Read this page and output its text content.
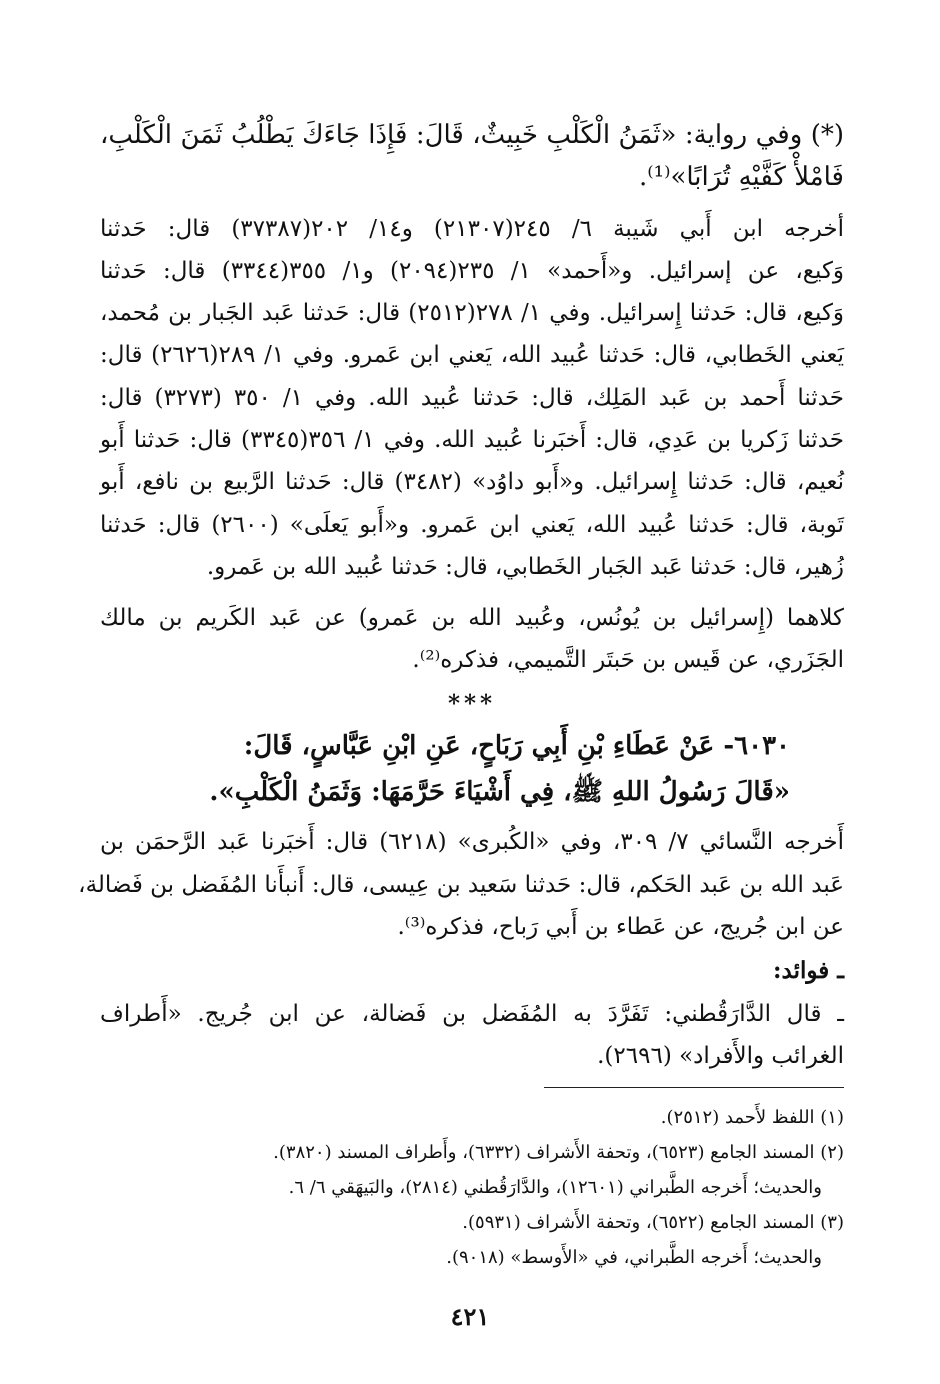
(*) وفي رواية: «ثَمَنُ الْكَلْبِ خَبِيثٌ، قَالَ: فَإِذَا جَاءَكَ يَطْلُبُ ثَمَنَ الْكَلْبِ،
فَامْلأْ كَفَّيْهِ تُرَابًا»⁽¹⁾.
أخرجه ابن أَبي شَيبة ٦/ ٢٤٥(٢١٣٠٧) و١٤/ ٢٠٢(٣٧٣٨٧) قال: حَدثنا
وَكيع، عن إسرائيل. و«أَحمد» ١/ ٢٣٥(٢٠٩٤) و١/ ٣٥٥(٣٣٤٤) قال: حَدثنا
وَكيع، قال: حَدثنا إِسرائيل. وفي ١/ ٢٧٨(٢٥١٢) قال: حَدثنا عَبد الجَبار بن مُحمد،
يَعني الخَطابي، قال: حَدثنا عُبيد الله، يَعني ابن عَمرو. وفي ١/ ٢٨٩(٢٦٢٦) قال:
حَدثنا أَحمد بن عَبد المَلِك، قال: حَدثنا عُبيد الله. وفي ١/ ٣٥٠ (٣٢٧٣) قال:
حَدثنا زَكريا بن عَدِي، قال: أَخبَرنا عُبيد الله. وفي ١/ ٣٥٦(٣٣٤٥) قال: حَدثنا أَبو
نُعيم، قال: حَدثنا إِسرائيل. و«أَبو داوُد» (٣٤٨٢) قال: حَدثنا الرَّبيع بن نافع، أَبو
تَوبة، قال: حَدثنا عُبيد الله، يَعني ابن عَمرو. و«أَبو يَعلَى» (٢٦٠٠) قال: حَدثنا
زُهير، قال: حَدثنا عَبد الجَبار الخَطابي، قال: حَدثنا عُبيد الله بن عَمرو.
كلاهما (إِسرائيل بن يُونُس، وعُبيد الله بن عَمرو) عن عَبد الكَريم بن مالك
الجَزَري، عن قَيس بن حَبتَر التَّميمي، فذكره⁽²⁾.
***
٦٠٣٠- عَنْ عَطَاءِ بْنِ أَبِي رَبَاحٍ، عَنِ ابْنِ عَبَّاسٍ، قَالَ:
«قَالَ رَسُولُ اللهِ ﷺ، فِي أَشْيَاءَ حَرَّمَهَا: وَثَمَنُ الْكَلْبِ».
أَخرجه النَّسائي ٧/ ٣٠٩، وفي «الكُبرى» (٦٢١٨) قال: أَخبَرنا عَبد الرَّحمَن بن
عَبد الله بن عَبد الحَكم، قال: حَدثنا سَعيد بن عِيسى، قال: أَنبأَنا المُفَضل بن فَضالة،
عن ابن جُريج، عن عَطاء بن أَبي رَباح، فذكره⁽³⁾.
ـ فوائد:
ـ قال الدَّارَقُطني: تَفَرَّدَ به المُفَضل بن فَضالة، عن ابن جُريج. «أَطراف
الغرائب والأَفراد» (٢٦٩٦).
(١) اللفظ لأَحمد (٢٥١٢).
(٢) المسند الجامع (٦٥٢٣)، وتحفة الأَشراف (٦٣٣٢)، وأَطراف المسند (٣٨٢٠).
والحديث؛ أَخرجه الطَّبراني (١٢٦٠١)، والدَّارَقُطني (٢٨١٤)، والبَيهَقي ٦/ ٦.
(٣) المسند الجامع (٦٥٢٢)، وتحفة الأَشراف (٥٩٣١).
والحديث؛ أَخرجه الطَّبراني، في «الأَوسط» (٩٠١٨).
٤٢١
